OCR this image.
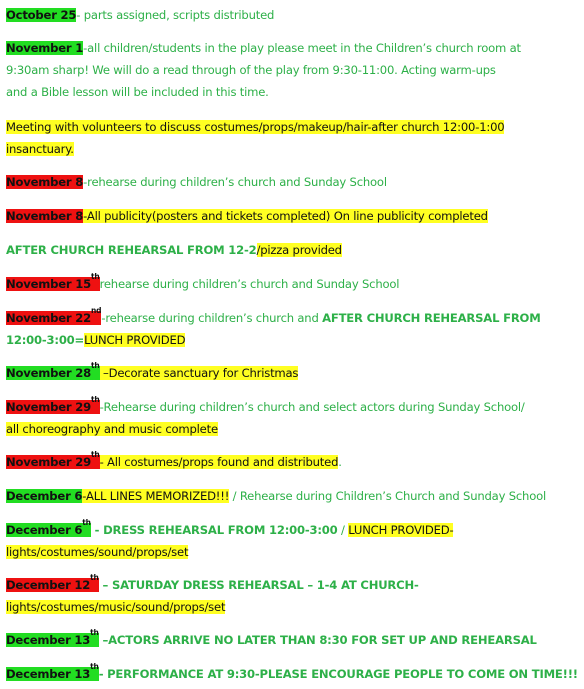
October 25- parts assigned, scripts distributed
November 1-all children/students in the play please meet in the Children’s church room at
9:30am sharp! We will do a read through of the play from 9:30-11:00. Acting warm-ups
and a Bible lesson will be included in this time.
Meeting with volunteers to discuss costumes/props/makeup/hair-after church 12:00-1:00
insanctuary.
November 8-rehearse during children’s church and Sunday School
November 8-All publicity(posters and tickets completed) On line publicity completed
AFTER CHURCH REHEARSAL FROM 12-2/pizza provided
November 15threhearse during children’s church and Sunday School
November 22nd-rehearse during children’s church and AFTER CHURCH REHEARSAL FROM
12:00-3:00=LUNCH PROVIDED
November 28th –Decorate sanctuary for Christmas
November 29th-Rehearse during children’s church and select actors during Sunday School/
all choreography and music complete
November 29th- All costumes/props found and distributed.
December 6-ALL LINES MEMORIZED!!! / Rehearse during Children’s Church and Sunday School
December 6th - DRESS REHEARSAL FROM 12:00-3:00 / LUNCH PROVIDED-
lights/costumes/sound/props/set
December 12th – SATURDAY DRESS REHEARSAL – 1-4 AT CHURCH-
lights/costumes/music/sound/props/set
December 13th –ACTORS ARRIVE NO LATER THAN 8:30 FOR SET UP AND REHEARSAL
December 13th- PERFORMANCE AT 9:30-PLEASE ENCOURAGE PEOPLE TO COME ON TIME!!!
